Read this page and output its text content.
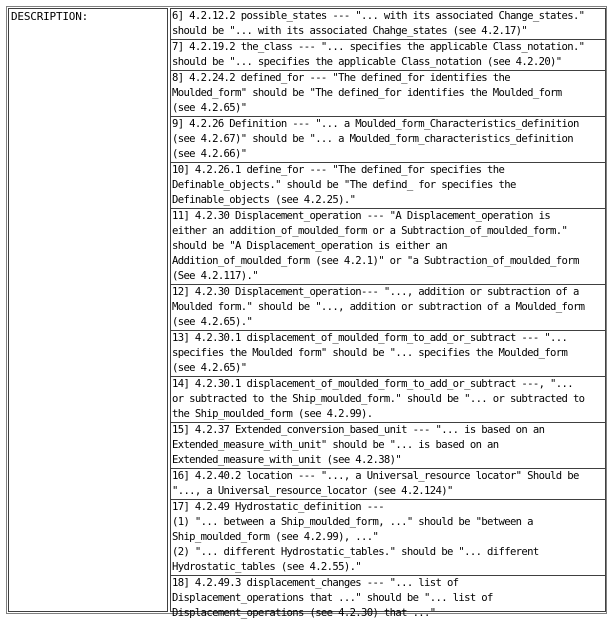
DESCRIPTION:	6] 4.2.12.2 possible_states --- "... with its associated Change_states."
should be "... with its associated Chahge_states (see 4.2.17)"
7] 4.2.19.2 the_class --- "... specifies the applicable Class_notation."
should be "... specifies the applicable Class_notation (see 4.2.20)"
8] 4.2.24.2 defined_for --- "The defined_for identifies the
Moulded_form" should be "The defined_for identifies the Moulded_form
(see 4.2.65)"
9] 4.2.26 Definition --- "... a Moulded_form_Characteristics_definition
(see 4.2.67)" should be "... a Moulded_form_characteristics_definition
(see 4.2.66)"
10] 4.2.26.1 define_for --- "The defined_for specifies the
Definable_objects." should be "The defind_ for specifies the
Definable_objects (see 4.2.25)."
11] 4.2.30 Displacement_operation --- "A Displacement_operation is
either an addition_of_moulded_form or a Subtraction_of_moulded_form."
should be "A Displacement_operation is either an
Addition_of_moulded_form (see 4.2.1)" or "a Subtraction_of_moulded_form
(See 4.2.117)."
12] 4.2.30 Displacement_operation--- "..., addition or subtraction of a
Moulded form." should be "..., addition or subtraction of a Moulded_form
(see 4.2.65)."
13] 4.2.30.1 displacement_of_moulded_form_to_add_or_subtract --- "...
specifies the Moulded form" should be "... specifies the Moulded_form
(see 4.2.65)"
14] 4.2.30.1 displacement_of_moulded_form_to_add_or_subtract ---, "...
or subtracted to the Ship_moulded_form." should be "... or subtracted to
the Ship_moulded_form (see 4.2.99).
15] 4.2.37 Extended_conversion_based_unit --- "... is based on an
Extended_measure_with_unit" should be "... is based on an
Extended_measure_with_unit (see 4.2.38)"
16] 4.2.40.2 location --- "..., a Universal_resource locator" Should be
"..., a Universal_resource_locator (see 4.2.124)"
17] 4.2.49 Hydrostatic_definition ---
(1) "... between a Ship_moulded_form, ..." should be "between a
Ship_moulded_form (see 4.2.99), ..."
(2) "... different Hydrostatic_tables." should be "... different
Hydrostatic_tables (see 4.2.55)."
18] 4.2.49.3 displacement_changes --- "... list of
Displacement_operations that ..." should be "... list of
Displacement_operations (see 4.2.30) that ..."
